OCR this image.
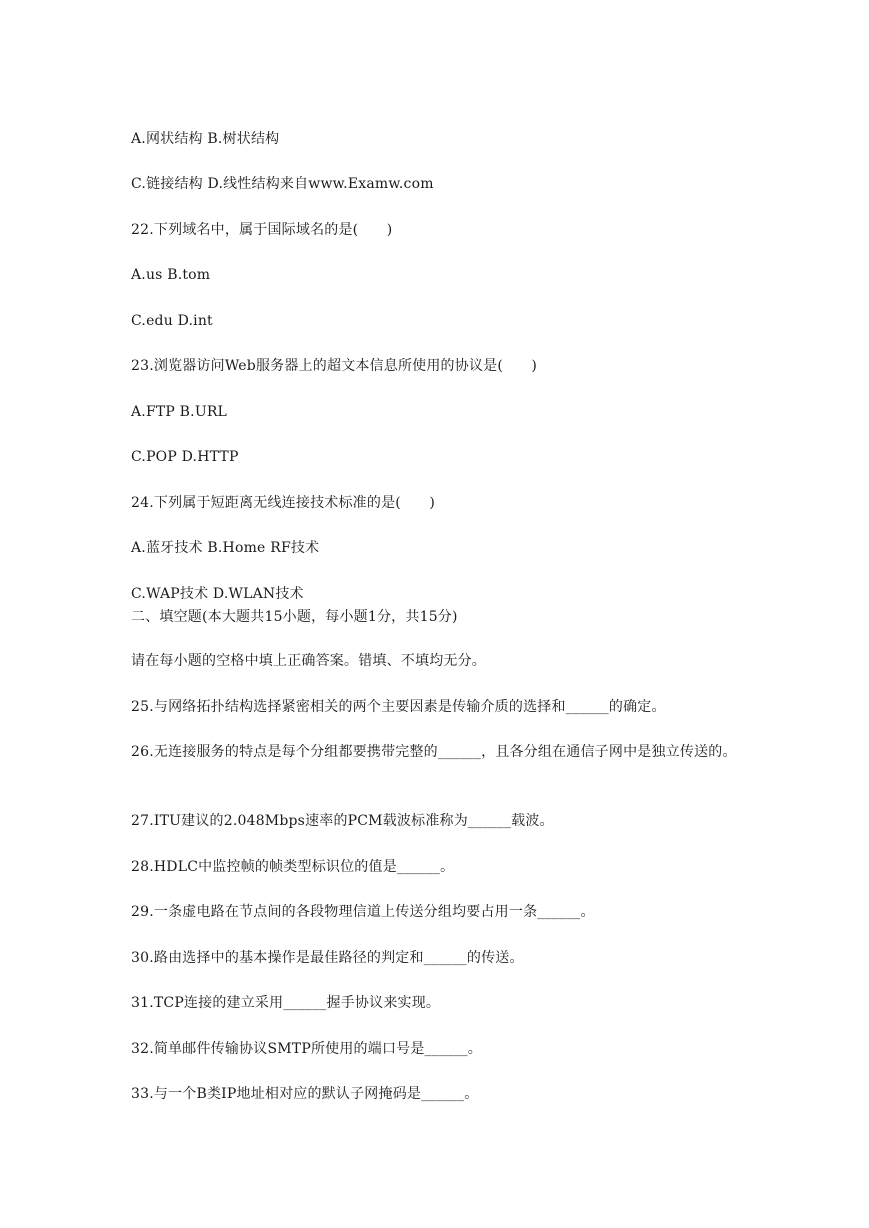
A.网状结构 B.树状结构
C.链接结构 D.线性结构来自www.Examw.com
22.下列域名中，属于国际域名的是(　　)
A.us B.tom
C.edu D.int
23.浏览器访问Web服务器上的超文本信息所使用的协议是(　　)
A.FTP B.URL
C.POP D.HTTP
24.下列属于短距离无线连接技术标准的是(　　)
A.蓝牙技术 B.Home RF技术
C.WAP技术 D.WLAN技术
二、填空题(本大题共15小题，每小题1分，共15分)
请在每小题的空格中填上正确答案。错填、不填均无分。
25.与网络拓扑结构选择紧密相关的两个主要因素是传输介质的选择和______的确定。
26.无连接服务的特点是每个分组都要携带完整的______，且各分组在通信子网中是独立传送的。
27.ITU建议的2.048Mbps速率的PCM载波标准称为______载波。
28.HDLC中监控帧的帧类型标识位的值是______。
29.一条虚电路在节点间的各段物理信道上传送分组均要占用一条______。
30.路由选择中的基本操作是最佳路径的判定和______的传送。
31.TCP连接的建立采用______握手协议来实现。
32.简单邮件传输协议SMTP所使用的端口号是______。
33.与一个B类IP地址相对应的默认子网掩码是______。
